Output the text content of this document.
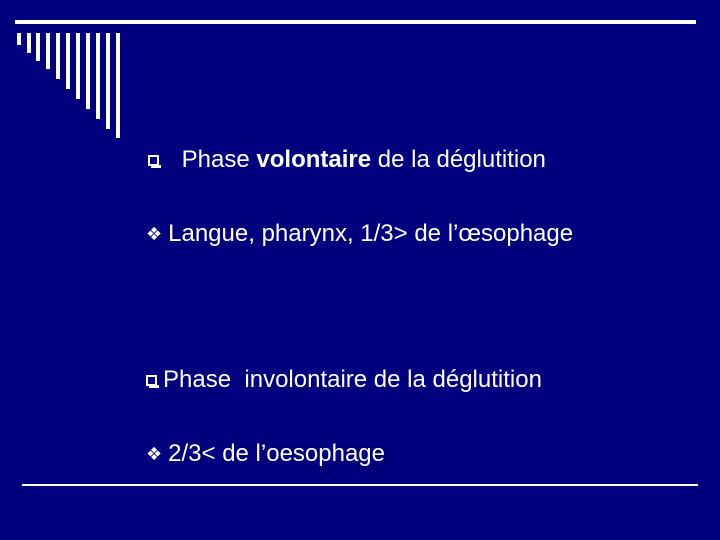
Phase volontaire de la déglutition
❖ Langue, pharynx, 1/3> de l’œsophage
Phase  involontaire de la déglutition
❖ 2/3< de l’oesophage
